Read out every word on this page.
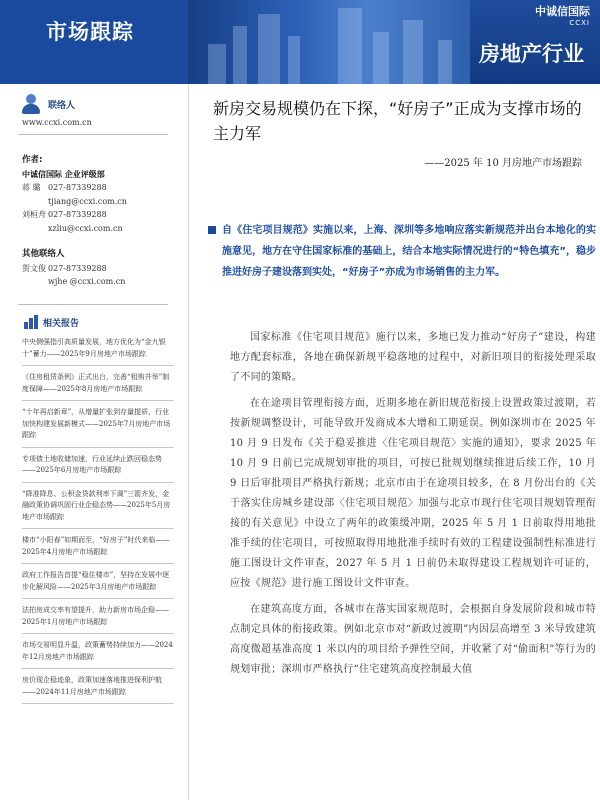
市场跟踪
中诚信国际
CCXI
房地产行业
联络人
www.ccxi.com.cn
作者:
中诚信国际 企业评级部
蒋 璐 027-87339288
tjiang@ccxi.com.cn
刘桓舟 027-87339288
xzliu@ccxi.com.cn
其他联络人
贺文俊 027-87339288
wjhe @ccxi.com.cn
相关报告
中央侧强指引高质量发展，地方优化为“金九银十”蓄力——2025年9月房地产市场跟踪
《住房租赁条例》正式出台，完善“租购并举”制度保障——2025年8月房地产市场跟踪
“十年再启新章”，从增量扩张到存量提质，行业加快构建发展新模式——2025年7月房地产市场跟踪
专项债土地收储加速，行业延续止跌回稳态势——2025年6月房地产市场跟踪
“降准降息、公积金贷款利率下调”三箭齐发，金融政策协调巩固行业企稳态势——2025年5月房地产市场跟踪
楼市“小阳春”如期而至，“好房子”时代来临——2025年4月房地产市场跟踪
政府工作报告首提“稳住楼市”，坚持在发展中逐步化解风险——2025年3月房地产市场跟踪
法拍房成交率有望提升，助力新房市场企稳——2025年1月房地产市场跟踪
市场交易明显升温，政策蓄势持续加力——2024年12月房地产市场跟踪
房价现企稳迹象，政策加速落地推进保利护航——2024年11月房地产市场跟踪
新房交易规模仍在下探，“好房子”正成为支撑市场的主力军
——2025 年 10 月房地产市场跟踪
自《住宅项目规范》实施以来，上海、深圳等多地响应落实新规范并出台本地化的实施意见，地方在守住国家标准的基础上，结合本地实际情况进行的“特色填充”，稳步推进好房子建设落到实处，“好房子”亦成为市场销售的主力军。

国家标准《住宅项目规范》施行以来，多地已发力推动“好房子”建设，构建地方配套标准，各地在确保新规平稳落地的过程中，对新旧项目的衔接处理采取了不同的策略。

在在途项目管理衔接方面，近期多地在新旧规范衔接上设置政策过渡期，若按新规调整设计，可能导致开发商成本大增和工期延误。例如深圳市在 2025 年 10 月 9 日发布《关于稳妥推进〈住宅项目规范〉实施的通知》，要求 2025 年 10 月 9 日前已完成规划审批的项目，可按已批规划继续推进后续工作，10 月 9 日后审批项目严格执行新规；北京市由于在途项目较多，在 8 月份出台的《关于落实住房城乡建设部〈住宅项目规范〉加强与北京市现行住宅项目规划管理衔接的有关意见》中设立了两年的政策缓冲期，2025 年 5 月 1 日前取得用地批准手续的住宅项目，可按照取得用地批准手续时有效的工程建设强制性标准进行施工图设计文件审查，2027 年 5 月 1 日前仍未取得建设工程规划许可证的，应按《规范》进行施工图设计文件审查。

在建筑高度方面，各城市在落实国家规范时，会根据自身发展阶段和城市特点制定具体的衔接政策。例如北京市对“新政过渡期”内因层高增至 3 米导致建筑高度微超基准高度 1 米以内的项目给予弹性空间，并收紧了对“偷面积”等行为的规划审批；深圳市严格执行“住宅建筑高度控制最大值
